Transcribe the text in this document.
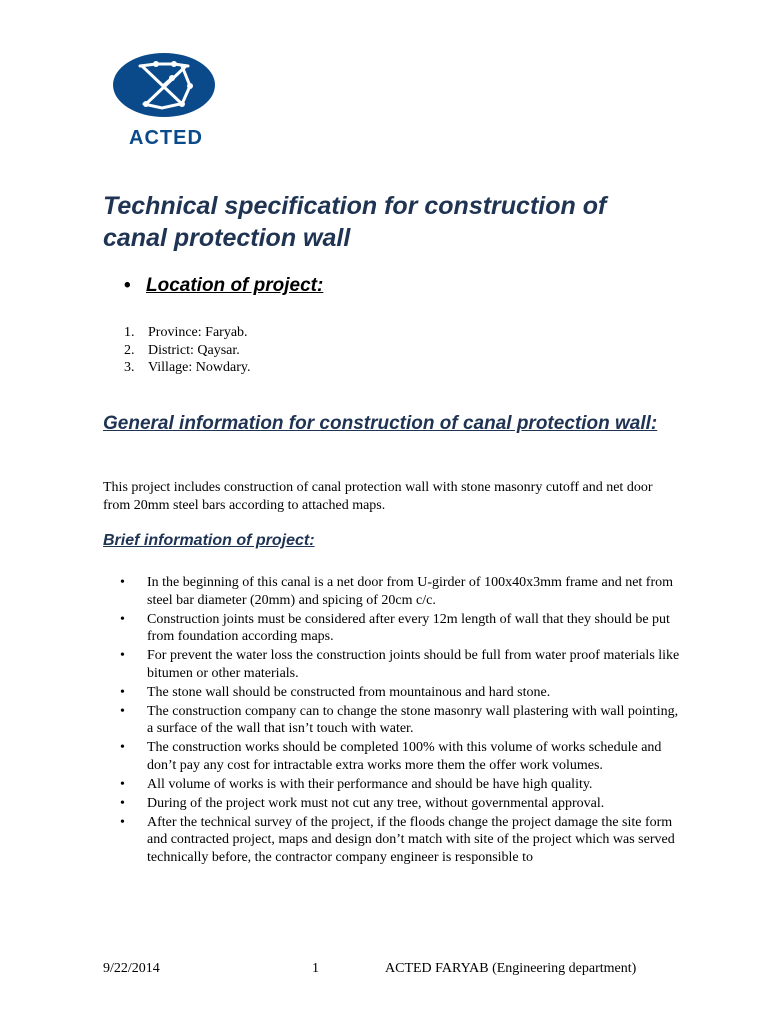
ACTED
Technical specification for construction of canal protection wall
• Location of project:
1. Province: Faryab.
2. District: Qaysar.
3. Village: Nowdary.
General information for construction of canal protection wall:

This project includes construction of canal protection wall with stone masonry cutoff and net door from 20mm steel bars according to attached maps.

Brief information of project:
• In the beginning of this canal is a net door from U-girder of 100x40x3mm frame and net from steel bar diameter (20mm) and spicing of 20cm c/c.
• Construction joints must be considered after every 12m length of wall that they should be put from foundation according maps.
• For prevent the water loss the construction joints should be full from water proof materials like bitumen or other materials.
• The stone wall should be constructed from mountainous and hard stone.
• The construction company can to change the stone masonry wall plastering with wall pointing, a surface of the wall that isn’t touch with water.
• The construction works should be completed 100% with this volume of works schedule and don’t pay any cost for intractable extra works more them the offer work volumes.
• All volume of works is with their performance and should be have high quality.
• During of the project work must not cut any tree, without governmental approval.
• After the technical survey of the project, if the floods change the project damage the site form and contracted project, maps and design don’t match with site of the project which was served technically before, the contractor company engineer is responsible to

9/22/2014	1	ACTED FARYAB (Engineering department)
